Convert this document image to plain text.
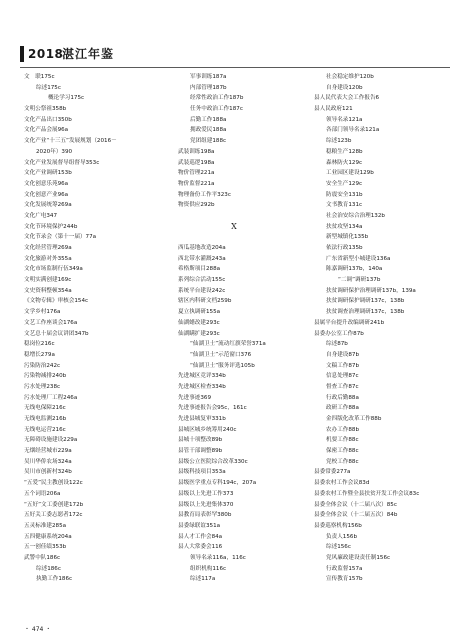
2018
湛江年鉴
文　联175c
综述175c
概论学习175c
文明公祭祖358b
文化产品出口350b
文化产品会展96a
文化产业“十三五”发展规划（2016－
2020年）390
文化产业发展督导组督导353c
文化产业调研153b
文化创意乐苑96a
文化创意产业96a
文化发展统筹269a
文化广电347
文化节环境保护244b
文化节录会（第十一届）77a
文化经营管理269a
文化旅游对外355a
文化市场监制行伍349a
文明实满创建169c
文史资料整顿354a
《文物专辑》审核会154c
文学乡村176a
文艺工作座谈会176a
文艺总十届会议讲团347b
稳岗位216c
稳增长279a
污染防治242c
污染物减排240b
污水处理238c
污水处理厂工程246a
无线电保障216c
无线电监测216b
无线电运营216c
无障碍设施建设229a
无烟经营城市229a
吴川华侨农场324a
吴川市创新村324b
“五爱”民主教创设122c
五个词语206a
“五好”文工委创建172b
五好关工委志愿者172c
五灵标准建285a
五四健康系统204a
五一创佳绩353b
武警中队186c
综述186c
执勤工作186c
军事训练187a
内部管理187b
经常性政治工作187b
任务中政治工作187c
后勤工作188a
拥政爱民188a
党团组建188c
武装训练198a
武装巡逻198a
物价管理221a
物价监督221a
物理备份工作平323c
物资供应292b
X
西瓜基地改造204a
西北带水灌溉243a
希格斯项目288a
系列综合活动155c
系统平台建设242c
辖区内科研文档259b
夏立执调研155a
仙湖蜡改建293c
仙湖瞒扩建293c
“仙湖卫士”流动红旗荣誉371a
“仙湖卫士”示范窗口376
“仙湖卫士”服务评选105b
先进城区竞评334b
先进城区检查334b
先进事迹369
先进事迹报告会95c，161c
先进县城复审331b
县城区城乡统筹用240c
县城十项整改89b
县管干部调整89b
县级公立医院综合改革330c
县级科技项目353a
县级医学重点专科194c，207a
县级以上先进工作373
县级以上先进集体370
县教育局表彰罕380b
县委绿联谊351a
县人才工作会84a
县人大常委会116
领导名录116a，116c
组织机构116c
综述117a
社会稳定维护120b
自身建设120b
县人民代表大会工作报告6
县人民政府121
领导名录121a
各部门领导名录121a
综述123b
稳粮生产128b
森林防火129c
工业园区建设129b
安全生产129c
防震安全131b
文书教育131c
社会治安综合治理132b
扶贫攻坚134a
新型城镇化135b
依法行政135b
广东省新型小城建设136a
陈嘉调研137b，140a
“二调”调研137b
扶贫调研保护治理调研137b，139a
扶贫调研保护调研137c，138b
扶贫调查治理调研137c，138b
县属平台提升改编调研241b
县委办公室工作87b
综述87b
自身建设87b
文稿工作87b
信息处理87c
督查工作87c
行政后勤88a
政研工作88a
金四版化改革工作88b
农办工作88b
机要工作88c
保密工作88c
党校工作88c
县委常委277a
县委农村工作会议83d
县委农村工作暨全县扶贫开发工作会议83c
县委全体会议（十二届八次）85c
县委全体会议（十二届五次）84b
县委巡察机构156b
负责人156b
综述156c
党风廉政建设责任制156c
行政监督157a
宣传教育157b
・ 474 ・
